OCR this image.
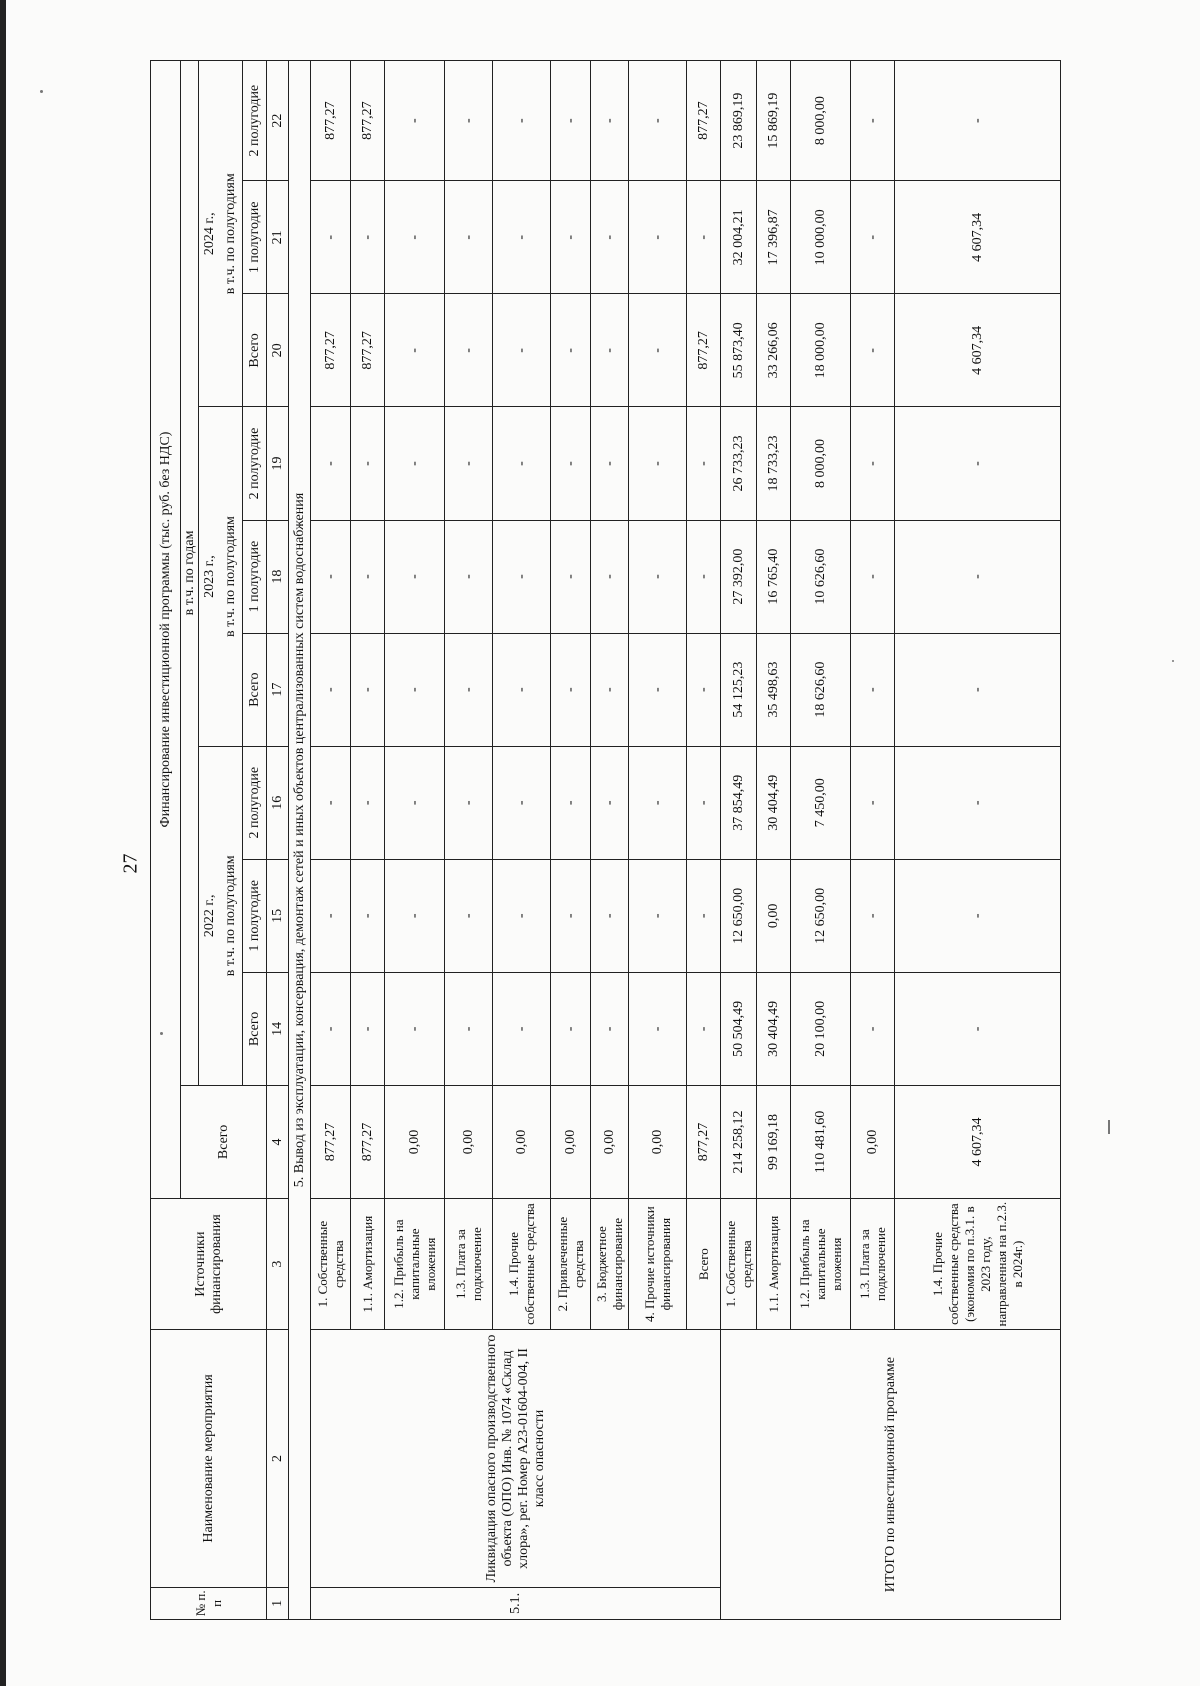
27
№ п. п	Наименование мероприятия	Источники финансирования	Финансирование инвестиционной программы (тыс. руб. без НДС)									
			Всего	в т.ч. по годам								
				2022 г.,			2023 г.,			2024 г.,		
				в т.ч. по полугодиям			в т.ч. по полугодиям			в т.ч. по полугодиям		
				Всего	1 полугодие	2 полугодие	Всего	1 полугодие	2 полугодие	Всего	1 полугодие	2 полугодие
1	2	3	4	14	15	16	17	18	19	20	21	22
5. Вывод из эксплуатации, консервация, демонтаж сетей и иных объектов централизованных систем водоснабжения												
5.1.	Ликвидация опасного производственного объекта (ОПО) Инв. № 1074 «Склад хлора», рег. Номер А23-01604-004, II класс опасности	1. Собственные средства	877,27	-	-	-	-	-	-	877,27	-	877,27
		1.1. Амортизация	877,27	-	-	-	-	-	-	877,27	-	877,27
		1.2. Прибыль на капитальные вложения	0,00	-	-	-	-	-	-	-	-	-
		1.3. Плата за подключение	0,00	-	-	-	-	-	-	-	-	-
		1.4. Прочие собственные средства	0,00	-	-	-	-	-	-	-	-	-
		2. Привлеченные средства	0,00	-	-	-	-	-	-	-	-	-
		3. Бюджетное финансирование	0,00	-	-	-	-	-	-	-	-	-
		4. Прочие источники финансирования	0,00	-	-	-	-	-	-	-	-	-
		Всего	877,27	-	-	-	-	-	-	877,27	-	877,27
ИТОГО по инвестиционной программе		1. Собственные средства	214 258,12	50 504,49	12 650,00	37 854,49	54 125,23	27 392,00	26 733,23	55 873,40	32 004,21	23 869,19
		1.1. Амортизация	99 169,18	30 404,49	0,00	30 404,49	35 498,63	16 765,40	18 733,23	33 266,06	17 396,87	15 869,19
		1.2. Прибыль на капитальные вложения	110 481,60	20 100,00	12 650,00	7 450,00	18 626,60	10 626,60	8 000,00	18 000,00	10 000,00	8 000,00
		1.3. Плата за подключение	0,00	-	-	-	-	-	-	-	-	-
		1.4. Прочие собственные средства (экономия по п.3.1. в 2023 году, направленная на п.2.3. в 2024г.)	4 607,34	-	-	-	-	-	-	4 607,34	4 607,34	-
